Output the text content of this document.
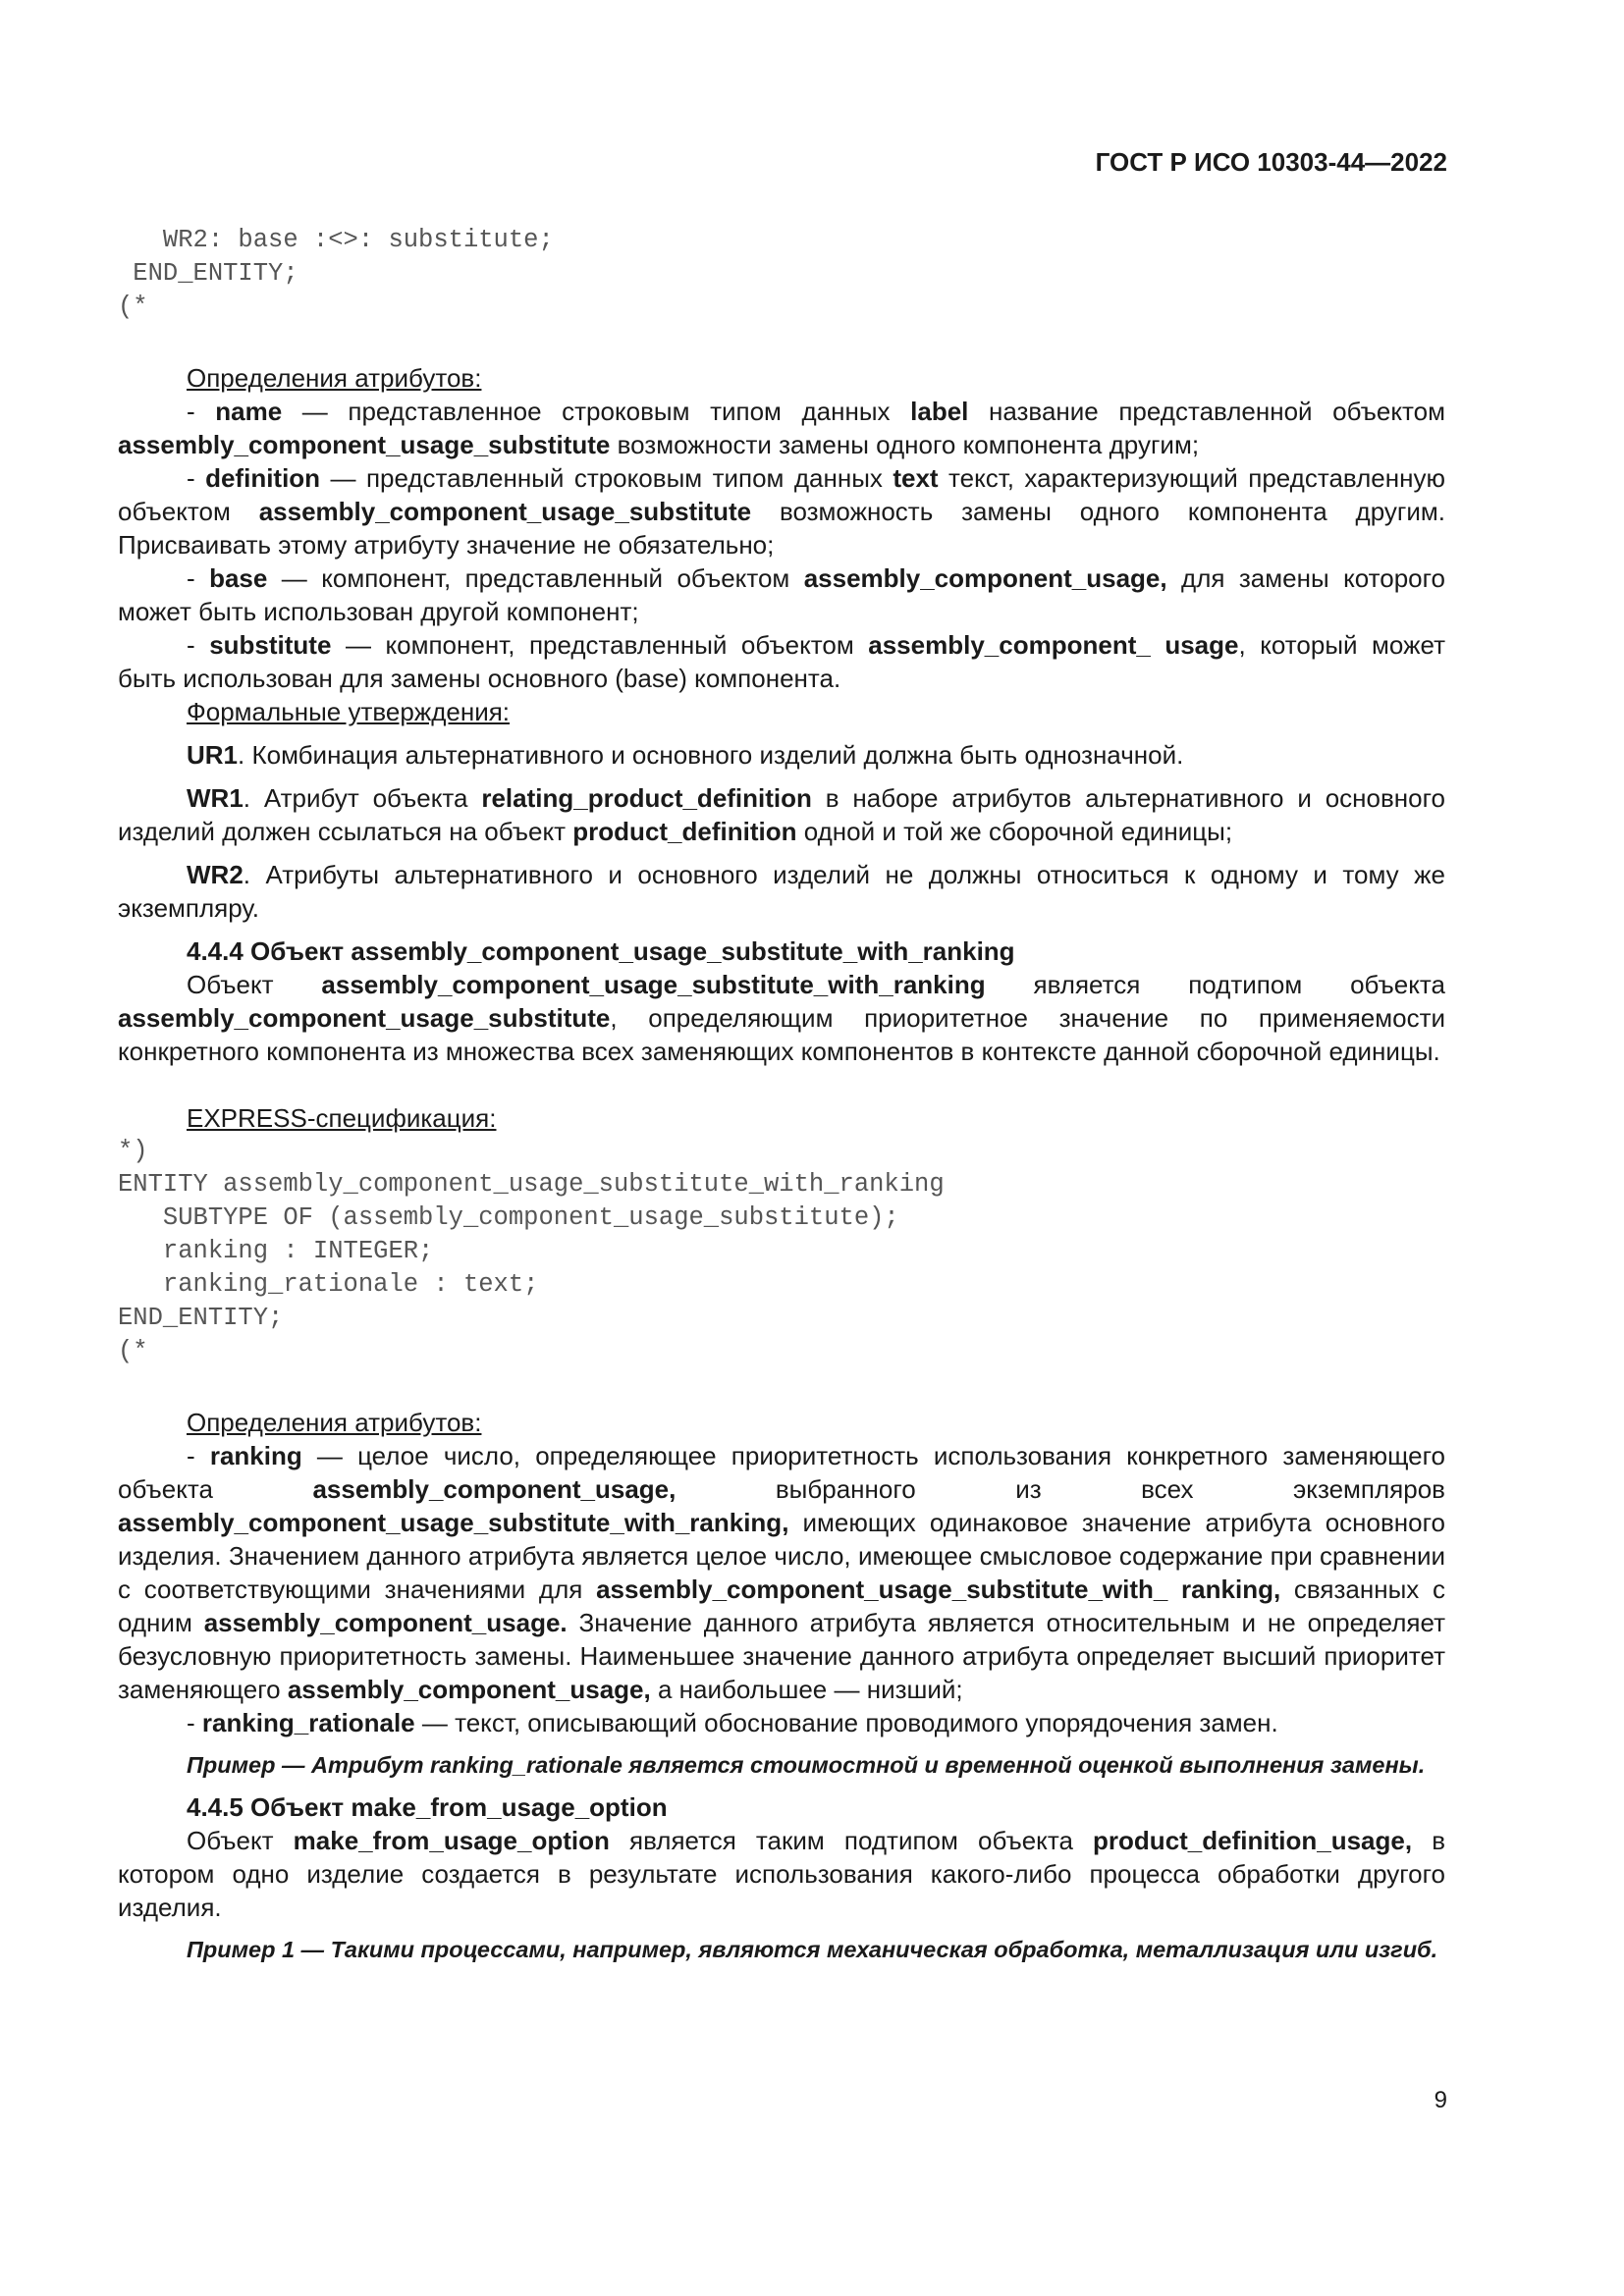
ГОСТ Р ИСО 10303-44—2022
WR2: base :<>: substitute;
END_ENTITY;
(*

Определения атрибутов:

- name — представленное строковым типом данных label название представленной объектом assembly_component_usage_substitute возможности замены одного компонента другим;

- definition — представленный строковым типом данных text текст, характеризующий представленную объектом assembly_component_usage_substitute возможность замены одного компонента другим. Присваивать этому атрибуту значение не обязательно;

- base — компонент, представленный объектом assembly_component_usage, для замены которого может быть использован другой компонент;

- substitute — компонент, представленный объектом assembly_component_ usage, который может быть использован для замены основного (base) компонента.

Формальные утверждения:

UR1. Комбинация альтернативного и основного изделий должна быть однозначной.

WR1. Атрибут объекта relating_product_definition в наборе атрибутов альтернативного и основного изделий должен ссылаться на объект product_definition одной и той же сборочной единицы;

WR2. Атрибуты альтернативного и основного изделий не должны относиться к одному и тому же экземпляру.

4.4.4 Объект assembly_component_usage_substitute_with_ranking

Объект assembly_component_usage_substitute_with_ranking является подтипом объекта assembly_component_usage_substitute, определяющим приоритетное значение по применяемости конкретного компонента из множества всех заменяющих компонентов в контексте данной сборочной единицы.

EXPRESS-спецификация:

*)
ENTITY assembly_component_usage_substitute_with_ranking
SUBTYPE OF (assembly_component_usage_substitute);
ranking : INTEGER;
ranking_rationale : text;
END_ENTITY;
(*

Определения атрибутов:

- ranking — целое число, определяющее приоритетность использования конкретного заменяющего объекта assembly_component_usage, выбранного из всех экземпляров assembly_component_usage_substitute_with_ranking, имеющих одинаковое значение атрибута основного изделия. Значением данного атрибута является целое число, имеющее смысловое содержание при сравнении с соответствующими значениями для assembly_component_usage_substitute_with_ ranking, связанных с одним assembly_component_usage. Значение данного атрибута является относительным и не определяет безусловную приоритетность замены. Наименьшее значение данного атрибута определяет высший приоритет заменяющего assembly_component_usage, а наибольшее — низший;

- ranking_rationale — текст, описывающий обоснование проводимого упорядочения замен.

Пример — Атрибут ranking_rationale является стоимостной и временной оценкой выполнения замены.

4.4.5 Объект make_from_usage_option

Объект make_from_usage_option является таким подтипом объекта product_definition_usage, в котором одно изделие создается в результате использования какого-либо процесса обработки другого изделия.

Пример 1 — Такими процессами, например, являются механическая обработка, металлизация или изгиб.

9
